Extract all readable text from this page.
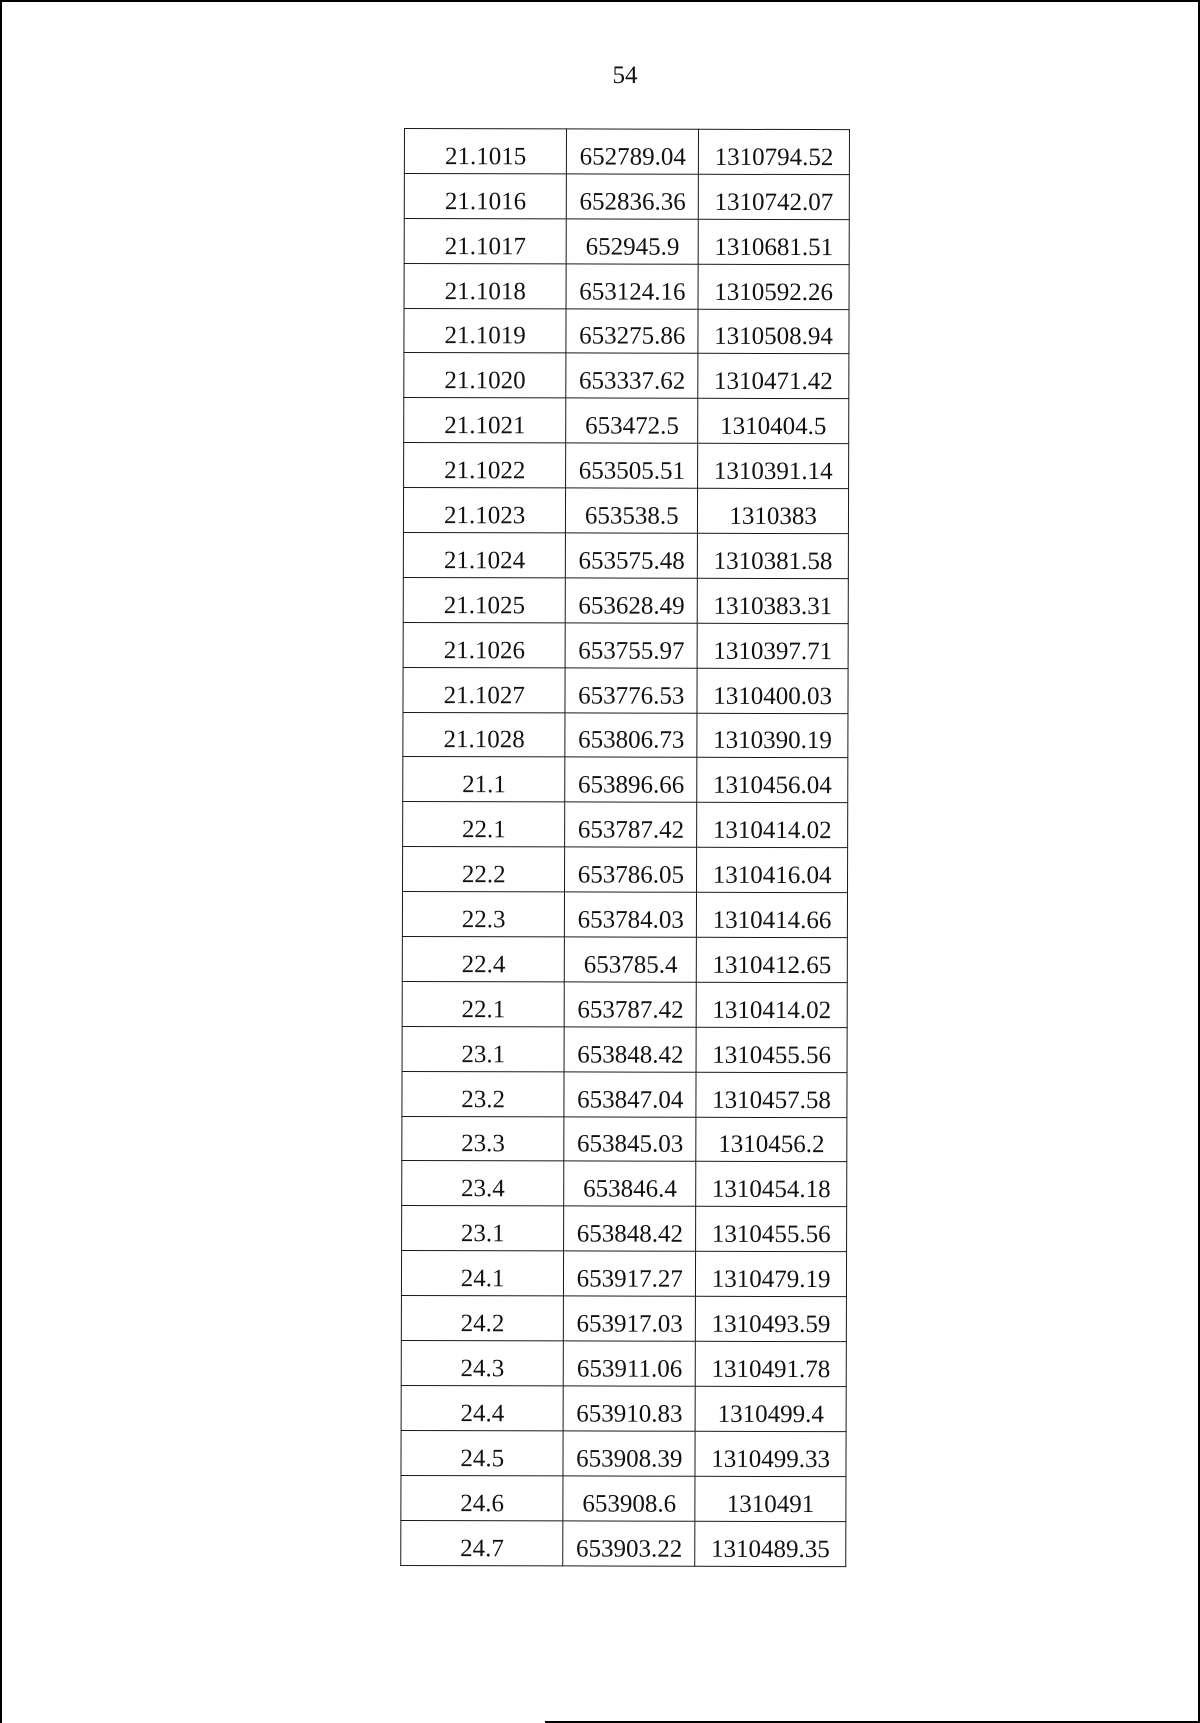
54
21.1015	652789.04	1310794.52
21.1016	652836.36	1310742.07
21.1017	652945.9	1310681.51
21.1018	653124.16	1310592.26
21.1019	653275.86	1310508.94
21.1020	653337.62	1310471.42
21.1021	653472.5	1310404.5
21.1022	653505.51	1310391.14
21.1023	653538.5	1310383
21.1024	653575.48	1310381.58
21.1025	653628.49	1310383.31
21.1026	653755.97	1310397.71
21.1027	653776.53	1310400.03
21.1028	653806.73	1310390.19
21.1	653896.66	1310456.04
22.1	653787.42	1310414.02
22.2	653786.05	1310416.04
22.3	653784.03	1310414.66
22.4	653785.4	1310412.65
22.1	653787.42	1310414.02
23.1	653848.42	1310455.56
23.2	653847.04	1310457.58
23.3	653845.03	1310456.2
23.4	653846.4	1310454.18
23.1	653848.42	1310455.56
24.1	653917.27	1310479.19
24.2	653917.03	1310493.59
24.3	653911.06	1310491.78
24.4	653910.83	1310499.4
24.5	653908.39	1310499.33
24.6	653908.6	1310491
24.7	653903.22	1310489.35
